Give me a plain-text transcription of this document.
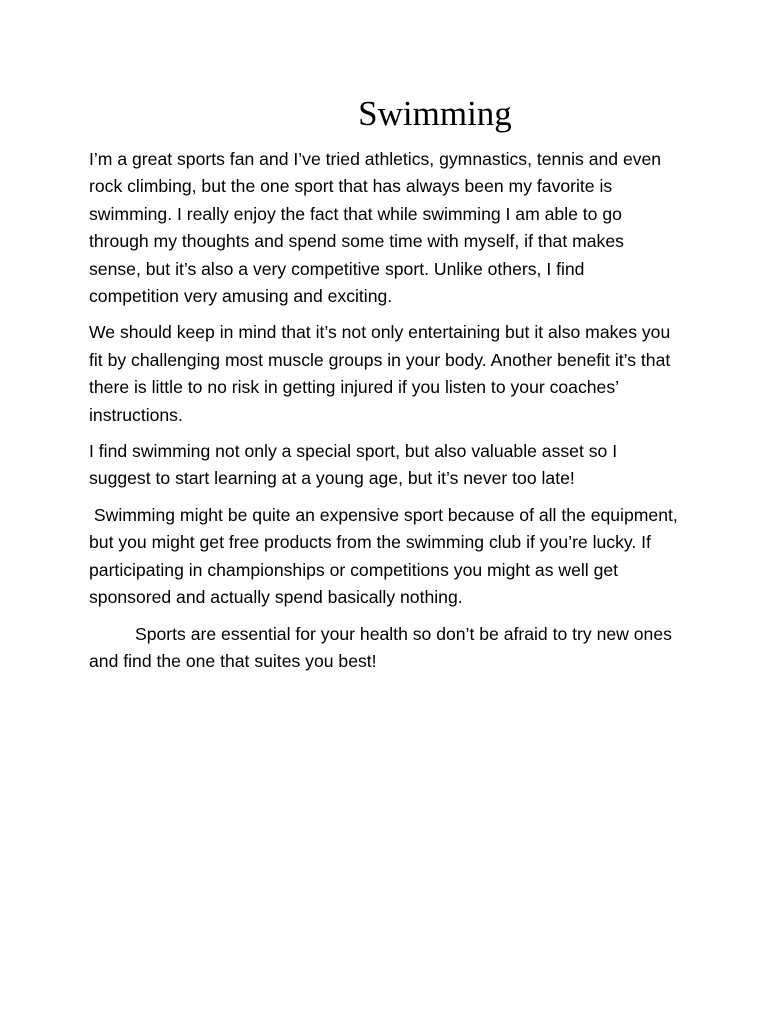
Swimming

I’m a great sports fan and I’ve tried athletics, gymnastics, tennis and even rock climbing, but the one sport that has always been my favorite is swimming. I really enjoy the fact that while swimming I am able to go through my thoughts and spend some time with myself, if that makes sense, but it’s also a very competitive sport. Unlike others, I find competition very amusing and exciting.

We should keep in mind that it’s not only entertaining but it also makes you fit by challenging most muscle groups in your body. Another benefit it’s that there is little to no risk in getting injured if you listen to your coaches’ instructions.

I find swimming not only a special sport, but also valuable asset so I suggest to start learning at a young age, but it’s never too late!

Swimming might be quite an expensive sport because of all the equipment, but you might get free products from the swimming club if you’re lucky. If participating in championships or competitions you might as well get sponsored and actually spend basically nothing.

Sports are essential for your health so don’t be afraid to try new ones and find the one that suites you best!
